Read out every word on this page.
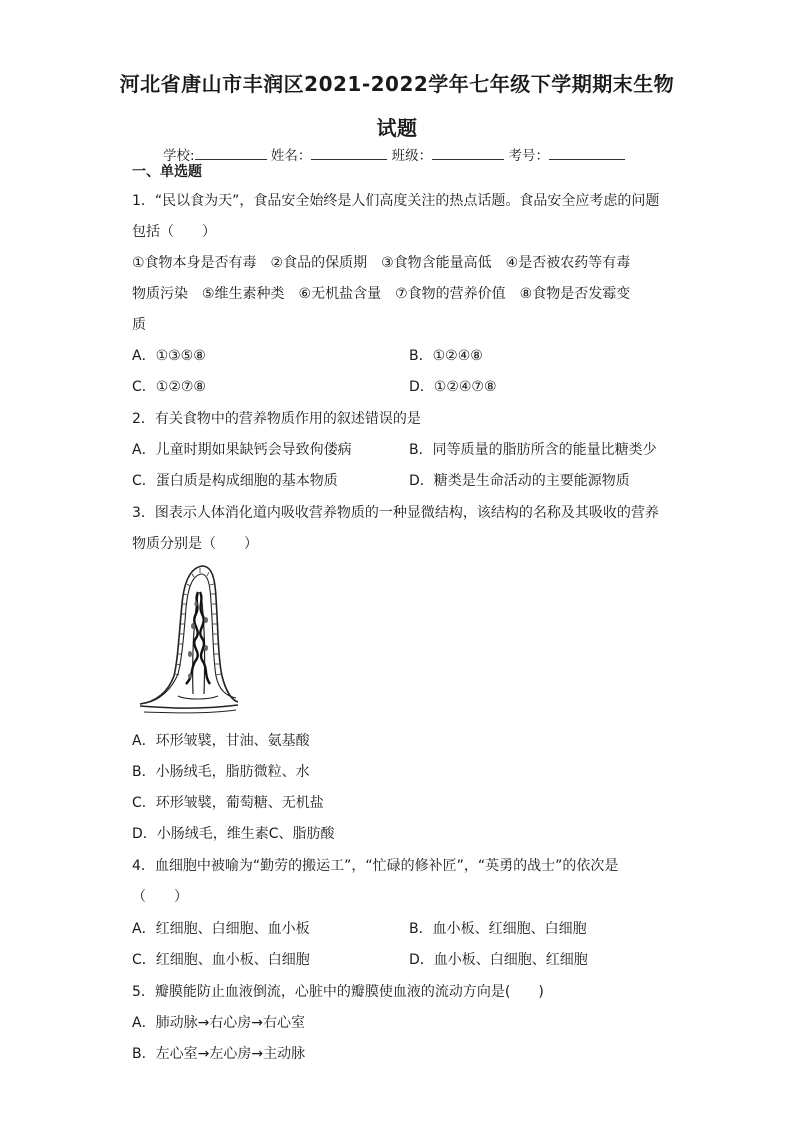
河北省唐山市丰润区2021-2022学年七年级下学期期末生物
试题
学校:	姓名：	班级：	考号：
一、单选题
1．“民以食为天”，食品安全始终是人们高度关注的热点话题。食品安全应考虑的问题
包括（　　）
①食物本身是否有毒　②食品的保质期　③食物含能量高低　④是否被农药等有毒
物质污染　⑤维生素种类　⑥无机盐含量　⑦食物的营养价值　⑧食物是否发霉变
质
A．①③⑤⑧	B．①②④⑧
C．①②⑦⑧	D．①②④⑦⑧
2．有关食物中的营养物质作用的叙述错误的是
A．儿童时期如果缺钙会导致佝偻病	B．同等质量的脂肪所含的能量比糖类少
C．蛋白质是构成细胞的基本物质	D．糖类是生命活动的主要能源物质
3．图表示人体消化道内吸收营养物质的一种显微结构，该结构的名称及其吸收的营养
物质分别是（　　）
A．环形皱襞，甘油、氨基酸
B．小肠绒毛，脂肪微粒、水
C．环形皱襞，葡萄糖、无机盐
D．小肠绒毛，维生素C、脂肪酸
4．血细胞中被喻为“勤劳的搬运工”，“忙碌的修补匠”，“英勇的战士”的依次是
（　　）
A．红细胞、白细胞、血小板	B．血小板、红细胞、白细胞
C．红细胞、血小板、白细胞	D．血小板、白细胞、红细胞
5．瓣膜能防止血液倒流，心脏中的瓣膜使血液的流动方向是(　　)
A．肺动脉→右心房→右心室
B．左心室→左心房→主动脉
